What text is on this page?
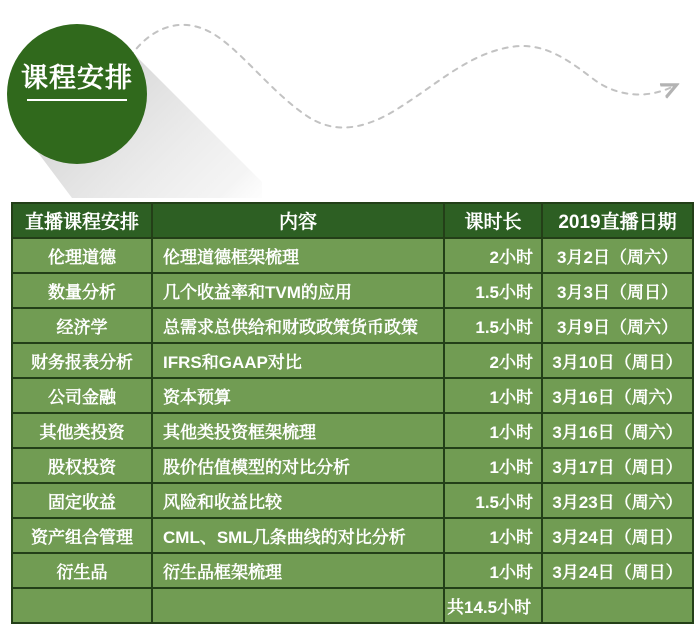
课程安排
直播课程安排	内容	课时长	2019直播日期
伦理道德	伦理道德框架梳理	2小时	3月2日（周六）
数量分析	几个收益率和TVM的应用	1.5小时	3月3日（周日）
经济学	总需求总供给和财政政策货币政策	1.5小时	3月9日（周六）
财务报表分析	IFRS和GAAP对比	2小时	3月10日（周日）
公司金融	资本预算	1小时	3月16日（周六）
其他类投资	其他类投资框架梳理	1小时	3月16日（周六）
股权投资	股价估值模型的对比分析	1小时	3月17日（周日）
固定收益	风险和收益比较	1.5小时	3月23日（周六）
资产组合管理	CML、SML几条曲线的对比分析	1小时	3月24日（周日）
衍生品	衍生品框架梳理	1小时	3月24日（周日）
		共14.5小时	
